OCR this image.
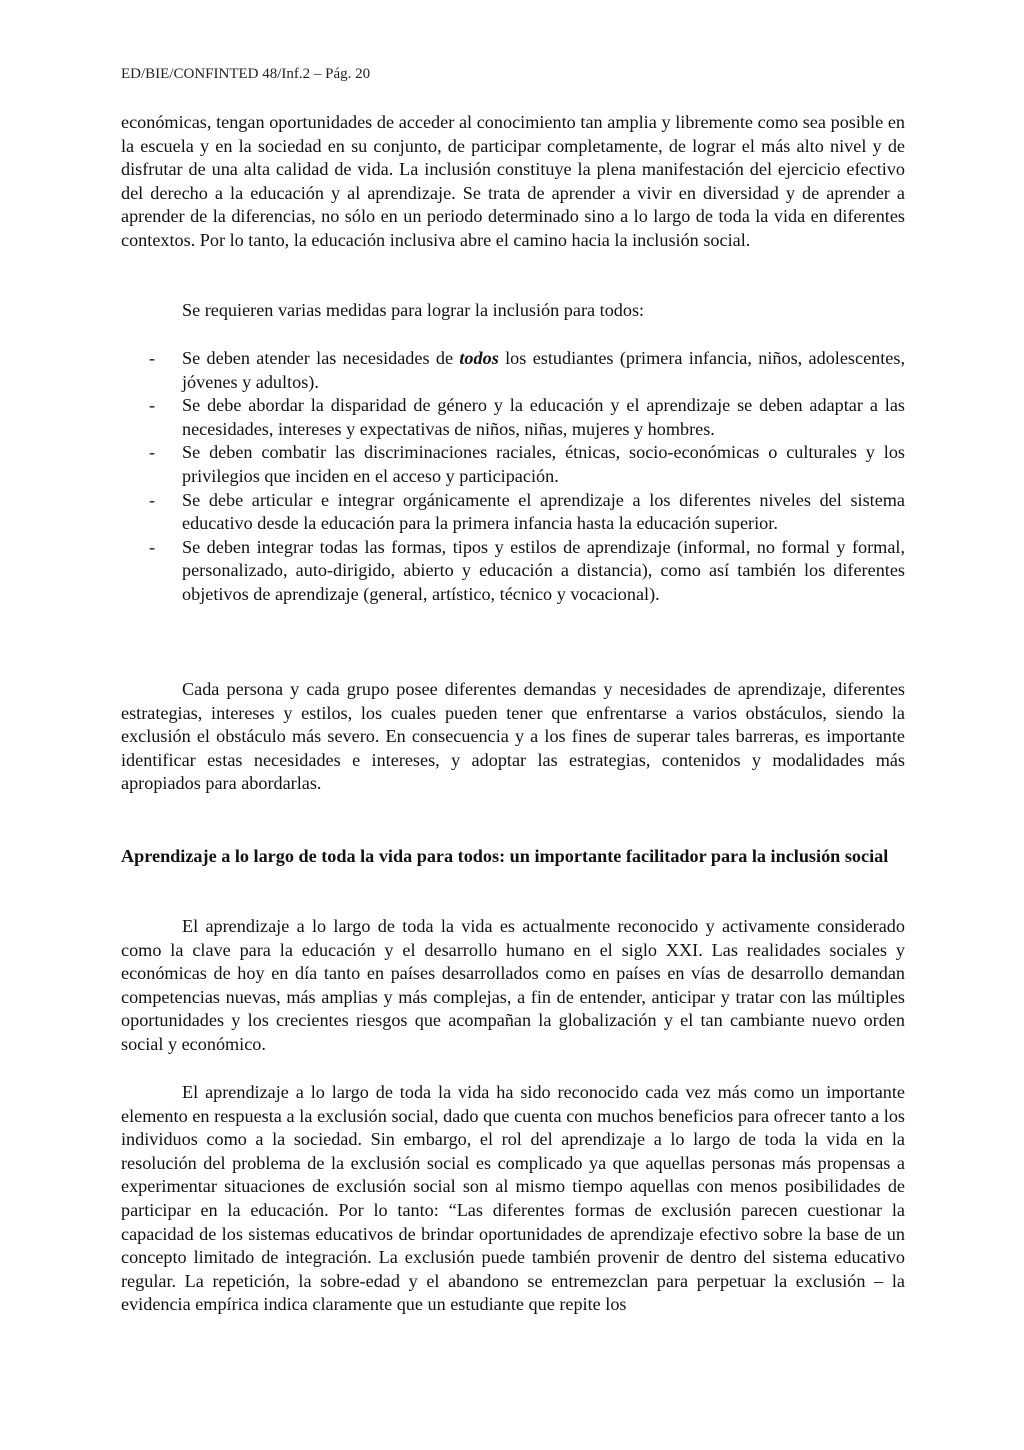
ED/BIE/CONFINTED 48/Inf.2 – Pág. 20

económicas, tengan oportunidades de acceder al conocimiento tan amplia y libremente como sea posible en la escuela y en la sociedad en su conjunto, de participar completamente, de lograr el más alto nivel y de disfrutar de una alta calidad de vida. La inclusión constituye la plena manifestación del ejercicio efectivo del derecho a la educación y al aprendizaje. Se trata de aprender a vivir en diversidad y de aprender a aprender de la diferencias, no sólo en un periodo determinado sino a lo largo de toda la vida en diferentes contextos. Por lo tanto, la educación inclusiva abre el camino hacia la inclusión social.

Se requieren varias medidas para lograr la inclusión para todos:

- Se deben atender las necesidades de todos los estudiantes (primera infancia, niños, adolescentes, jóvenes y adultos).
- Se debe abordar la disparidad de género y la educación y el aprendizaje se deben adaptar a las necesidades, intereses y expectativas de niños, niñas, mujeres y hombres.
- Se deben combatir las discriminaciones raciales, étnicas, socio-económicas o culturales y los privilegios que inciden en el acceso y participación.
- Se debe articular e integrar orgánicamente el aprendizaje a los diferentes niveles del sistema educativo desde la educación para la primera infancia hasta la educación superior.
- Se deben integrar todas las formas, tipos y estilos de aprendizaje (informal, no formal y formal, personalizado, auto-dirigido, abierto y educación a distancia), como así también los diferentes objetivos de aprendizaje (general, artístico, técnico y vocacional).

Cada persona y cada grupo posee diferentes demandas y necesidades de aprendizaje, diferentes estrategias, intereses y estilos, los cuales pueden tener que enfrentarse a varios obstáculos, siendo la exclusión el obstáculo más severo. En consecuencia y a los fines de superar tales barreras, es importante identificar estas necesidades e intereses, y adoptar las estrategias, contenidos y modalidades más apropiados para abordarlas.

Aprendizaje a lo largo de toda la vida para todos: un importante facilitador para la inclusión social

El aprendizaje a lo largo de toda la vida es actualmente reconocido y activamente considerado como la clave para la educación y el desarrollo humano en el siglo XXI. Las realidades sociales y económicas de hoy en día tanto en países desarrollados como en países en vías de desarrollo demandan competencias nuevas, más amplias y más complejas, a fin de entender, anticipar y tratar con las múltiples oportunidades y los crecientes riesgos que acompañan la globalización y el tan cambiante nuevo orden social y económico.

El aprendizaje a lo largo de toda la vida ha sido reconocido cada vez más como un importante elemento en respuesta a la exclusión social, dado que cuenta con muchos beneficios para ofrecer tanto a los individuos como a la sociedad. Sin embargo, el rol del aprendizaje a lo largo de toda la vida en la resolución del problema de la exclusión social es complicado ya que aquellas personas más propensas a experimentar situaciones de exclusión social son al mismo tiempo aquellas con menos posibilidades de participar en la educación. Por lo tanto: “Las diferentes formas de exclusión parecen cuestionar la capacidad de los sistemas educativos de brindar oportunidades de aprendizaje efectivo sobre la base de un concepto limitado de integración. La exclusión puede también provenir de dentro del sistema educativo regular. La repetición, la sobre-edad y el abandono se entremezclan para perpetuar la exclusión – la evidencia empírica indica claramente que un estudiante que repite los
